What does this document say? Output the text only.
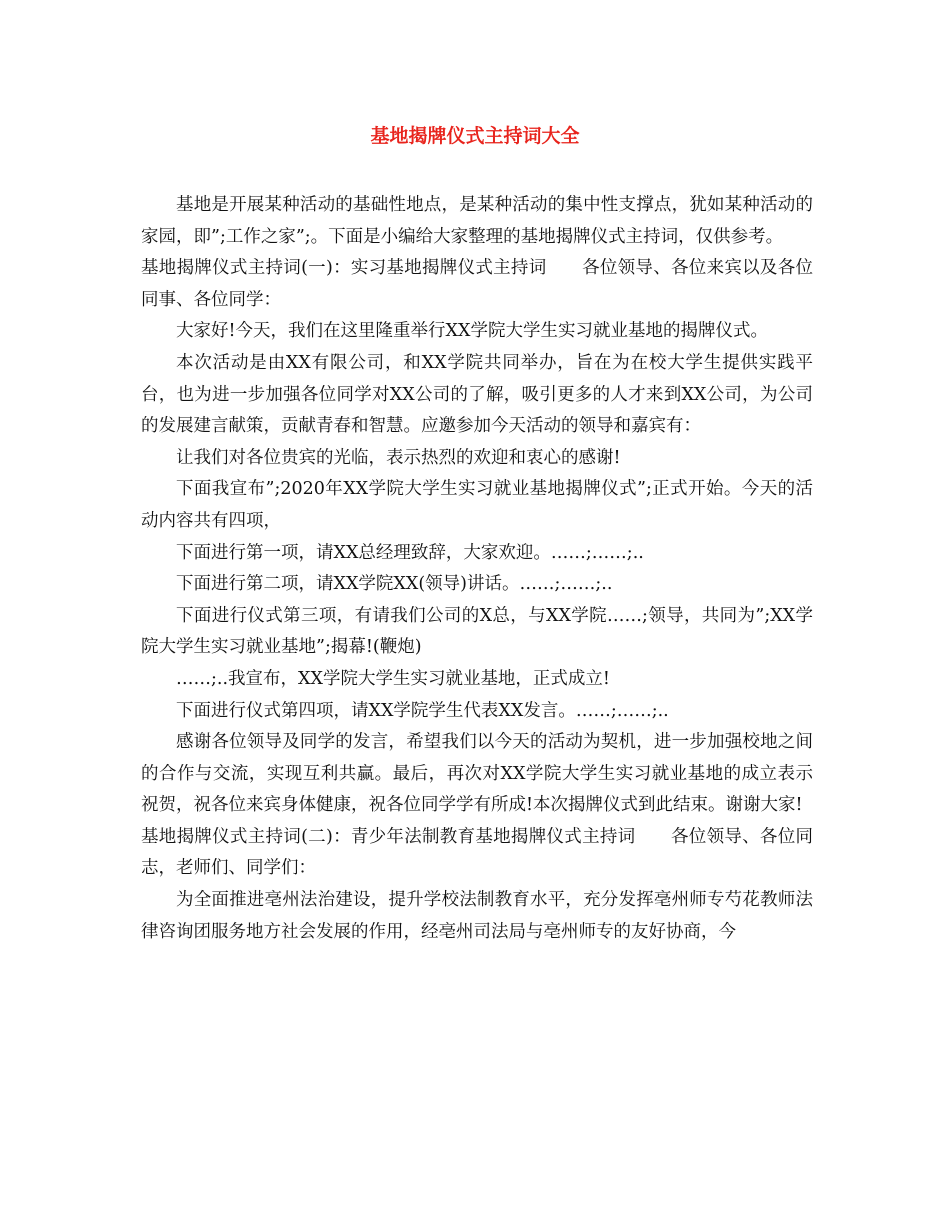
基地揭牌仪式主持词大全

基地是开展某种活动的基础性地点，是某种活动的集中性支撑点，犹如某种活动的家园，即”;工作之家”;。下面是小编给大家整理的基地揭牌仪式主持词，仅供参考。

基地揭牌仪式主持词(一)：实习基地揭牌仪式主持词　　各位领导、各位来宾以及各位同事、各位同学：

大家好!今天，我们在这里隆重举行XX学院大学生实习就业基地的揭牌仪式。

本次活动是由XX有限公司，和XX学院共同举办，旨在为在校大学生提供实践平台，也为进一步加强各位同学对XX公司的了解，吸引更多的人才来到XX公司，为公司的发展建言献策，贡献青春和智慧。应邀参加今天活动的领导和嘉宾有：

让我们对各位贵宾的光临，表示热烈的欢迎和衷心的感谢!

下面我宣布”;2020年XX学院大学生实习就业基地揭牌仪式”;正式开始。今天的活动内容共有四项，

下面进行第一项，请XX总经理致辞，大家欢迎。……;……;..

下面进行第二项，请XX学院XX(领导)讲话。……;……;..

下面进行仪式第三项，有请我们公司的X总，与XX学院……;领导，共同为”;XX学院大学生实习就业基地”;揭幕!(鞭炮)

……;..我宣布，XX学院大学生实习就业基地，正式成立!

下面进行仪式第四项，请XX学院学生代表XX发言。……;……;..

感谢各位领导及同学的发言，希望我们以今天的活动为契机，进一步加强校地之间的合作与交流，实现互利共赢。最后，再次对XX学院大学生实习就业基地的成立表示祝贺，祝各位来宾身体健康，祝各位同学学有所成!本次揭牌仪式到此结束。谢谢大家!

基地揭牌仪式主持词(二)：青少年法制教育基地揭牌仪式主持词　　各位领导、各位同志，老师们、同学们：

为全面推进亳州法治建设，提升学校法制教育水平，充分发挥亳州师专芍花教师法律咨询团服务地方社会发展的作用，经亳州司法局与亳州师专的友好协商，今
